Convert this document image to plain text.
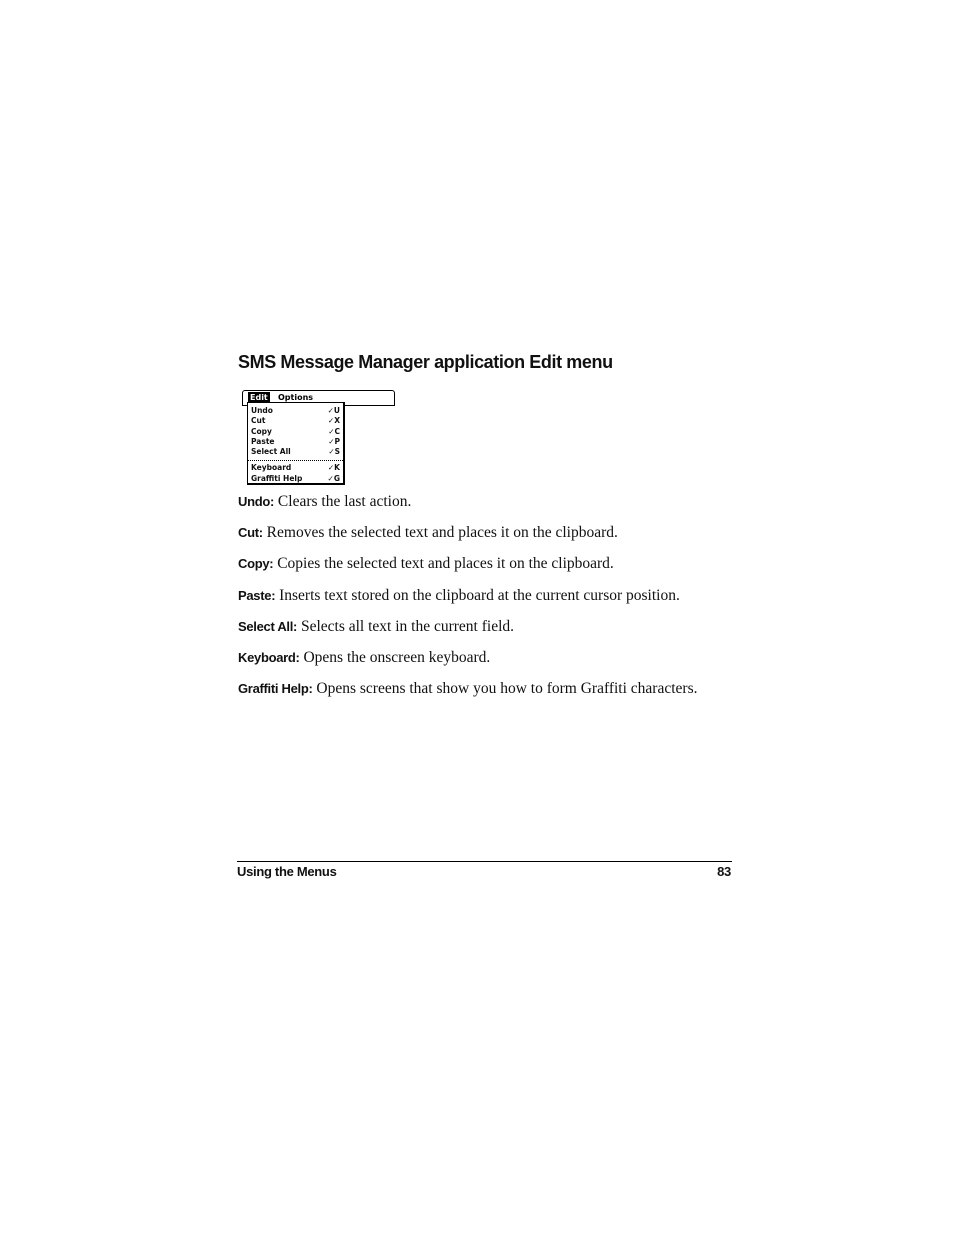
SMS Message Manager application Edit menu
Edit Options
Undo	✓U
Cut	✓X
Copy	✓C
Paste	✓P
Select All	✓S
Keyboard	✓K
Graffiti Help	✓G

Undo: Clears the last action.

Cut: Removes the selected text and places it on the clipboard.

Copy: Copies the selected text and places it on the clipboard.

Paste: Inserts text stored on the clipboard at the current cursor position.

Select All: Selects all text in the current field.

Keyboard: Opens the onscreen keyboard.

Graffiti Help: Opens screens that show you how to form Graffiti characters.

Using the Menus	83
